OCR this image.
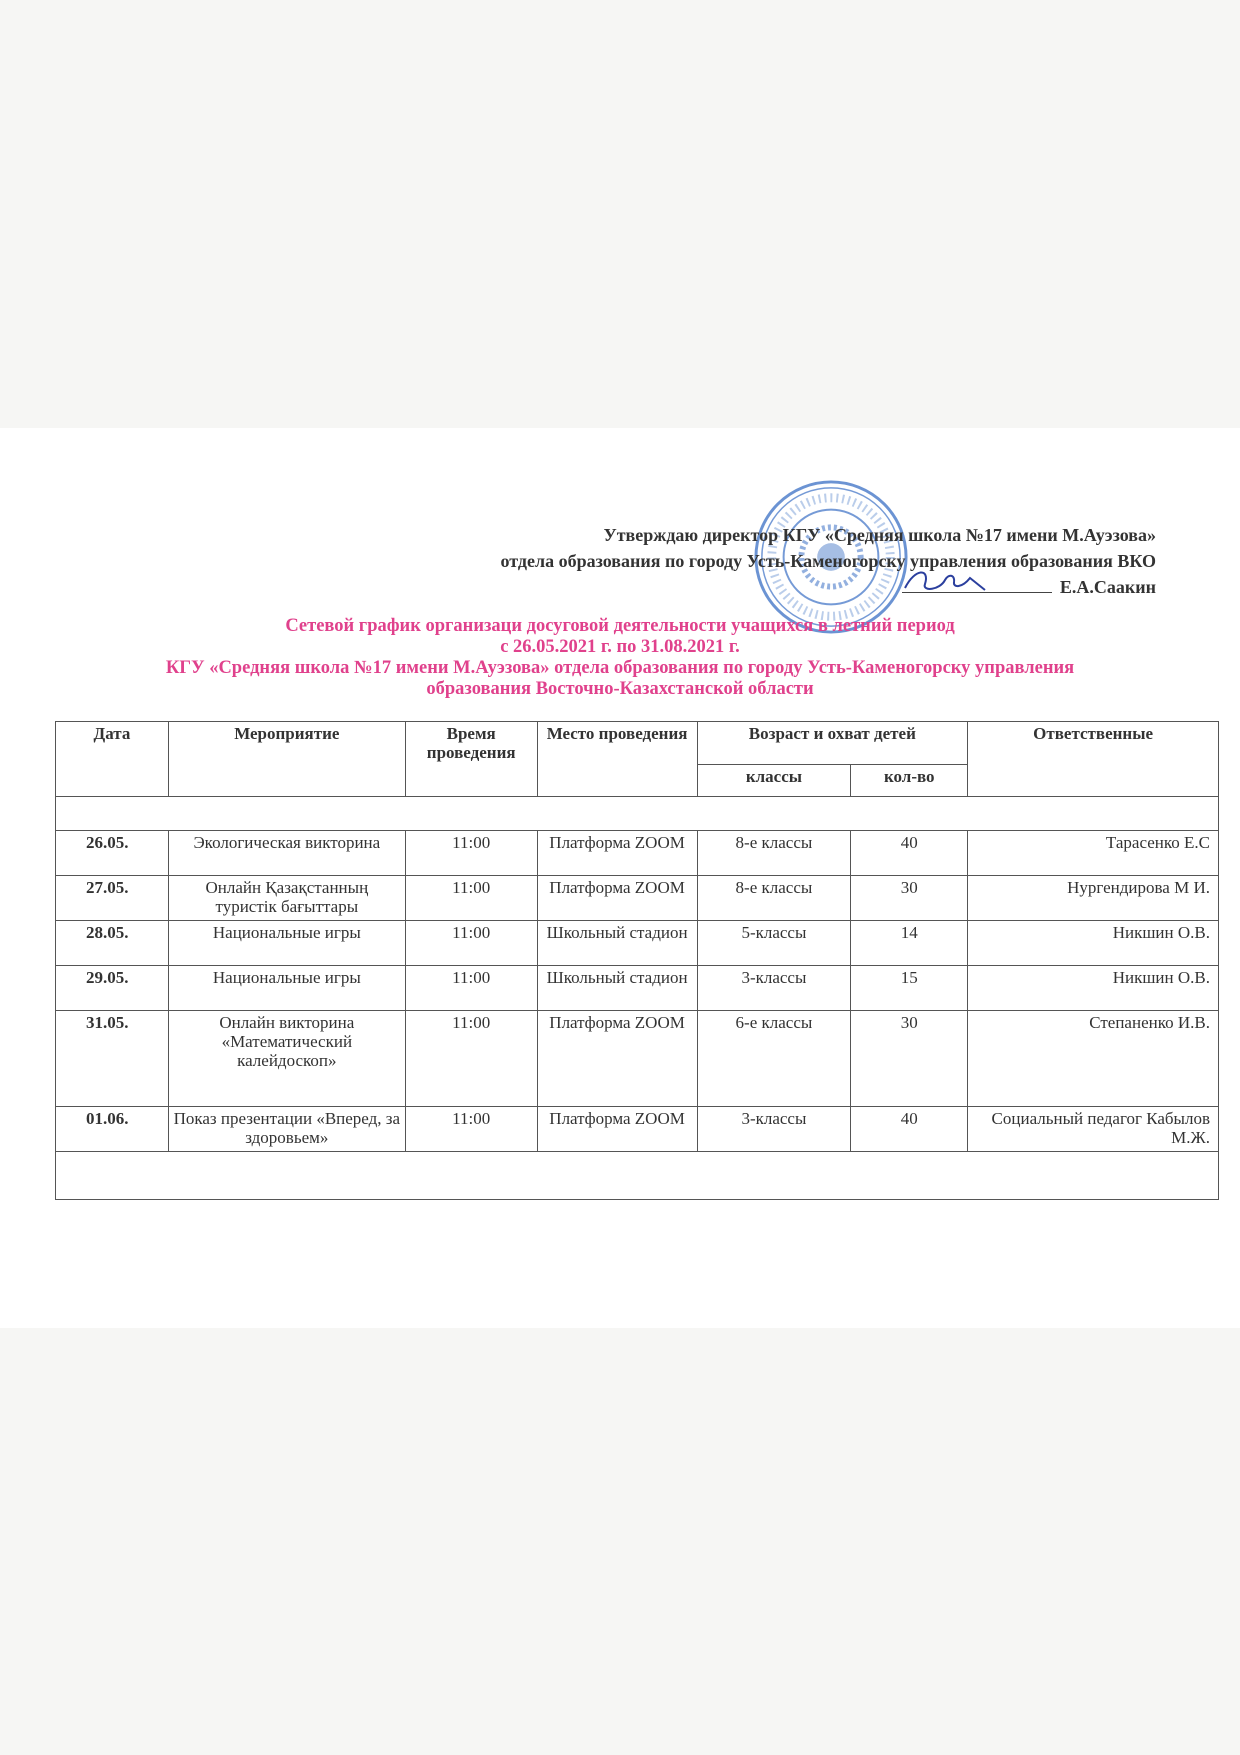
Утверждаю директор КГУ «Средняя школа №17 имени М.Ауэзова»
отдела образования по городу Усть-Каменогорску управления образования ВКО
Е.А.Саакин
Сетевой график организаци досуговой деятельности учащихся в летний период
с 26.05.2021 г. по 31.08.2021 г.
КГУ «Средняя школа №17 имени М.Ауэзова» отдела образования по городу Усть-Каменогорску управления
образования Восточно-Казахстанской области
Дата	Мероприятие	Время проведения	Место проведения	Возраст и охват детей		Ответственные
				классы	кол-во	

26.05.	Экологическая викторина	11:00	Платформа ZOOM	8-е классы	40	Тарасенко Е.С
27.05.	Онлайн Қазақстанның туристік бағыттары	11:00	Платформа ZOOM	8-е классы	30	Нургендирова М И.
28.05.	Национальные игры	11:00	Школьный стадион	5-классы	14	Никшин О.В.
29.05.	Национальные игры	11:00	Школьный стадион	3-классы	15	Никшин О.В.
31.05.	Онлайн викторина «Математический калейдоскоп»	11:00	Платформа ZOOM	6-е классы	30	Степаненко И.В.
01.06.	Показ презентации «Вперед, за здоровьем»	11:00	Платформа ZOOM	3-классы	40	Социальный педагог Кабылов М.Ж.
